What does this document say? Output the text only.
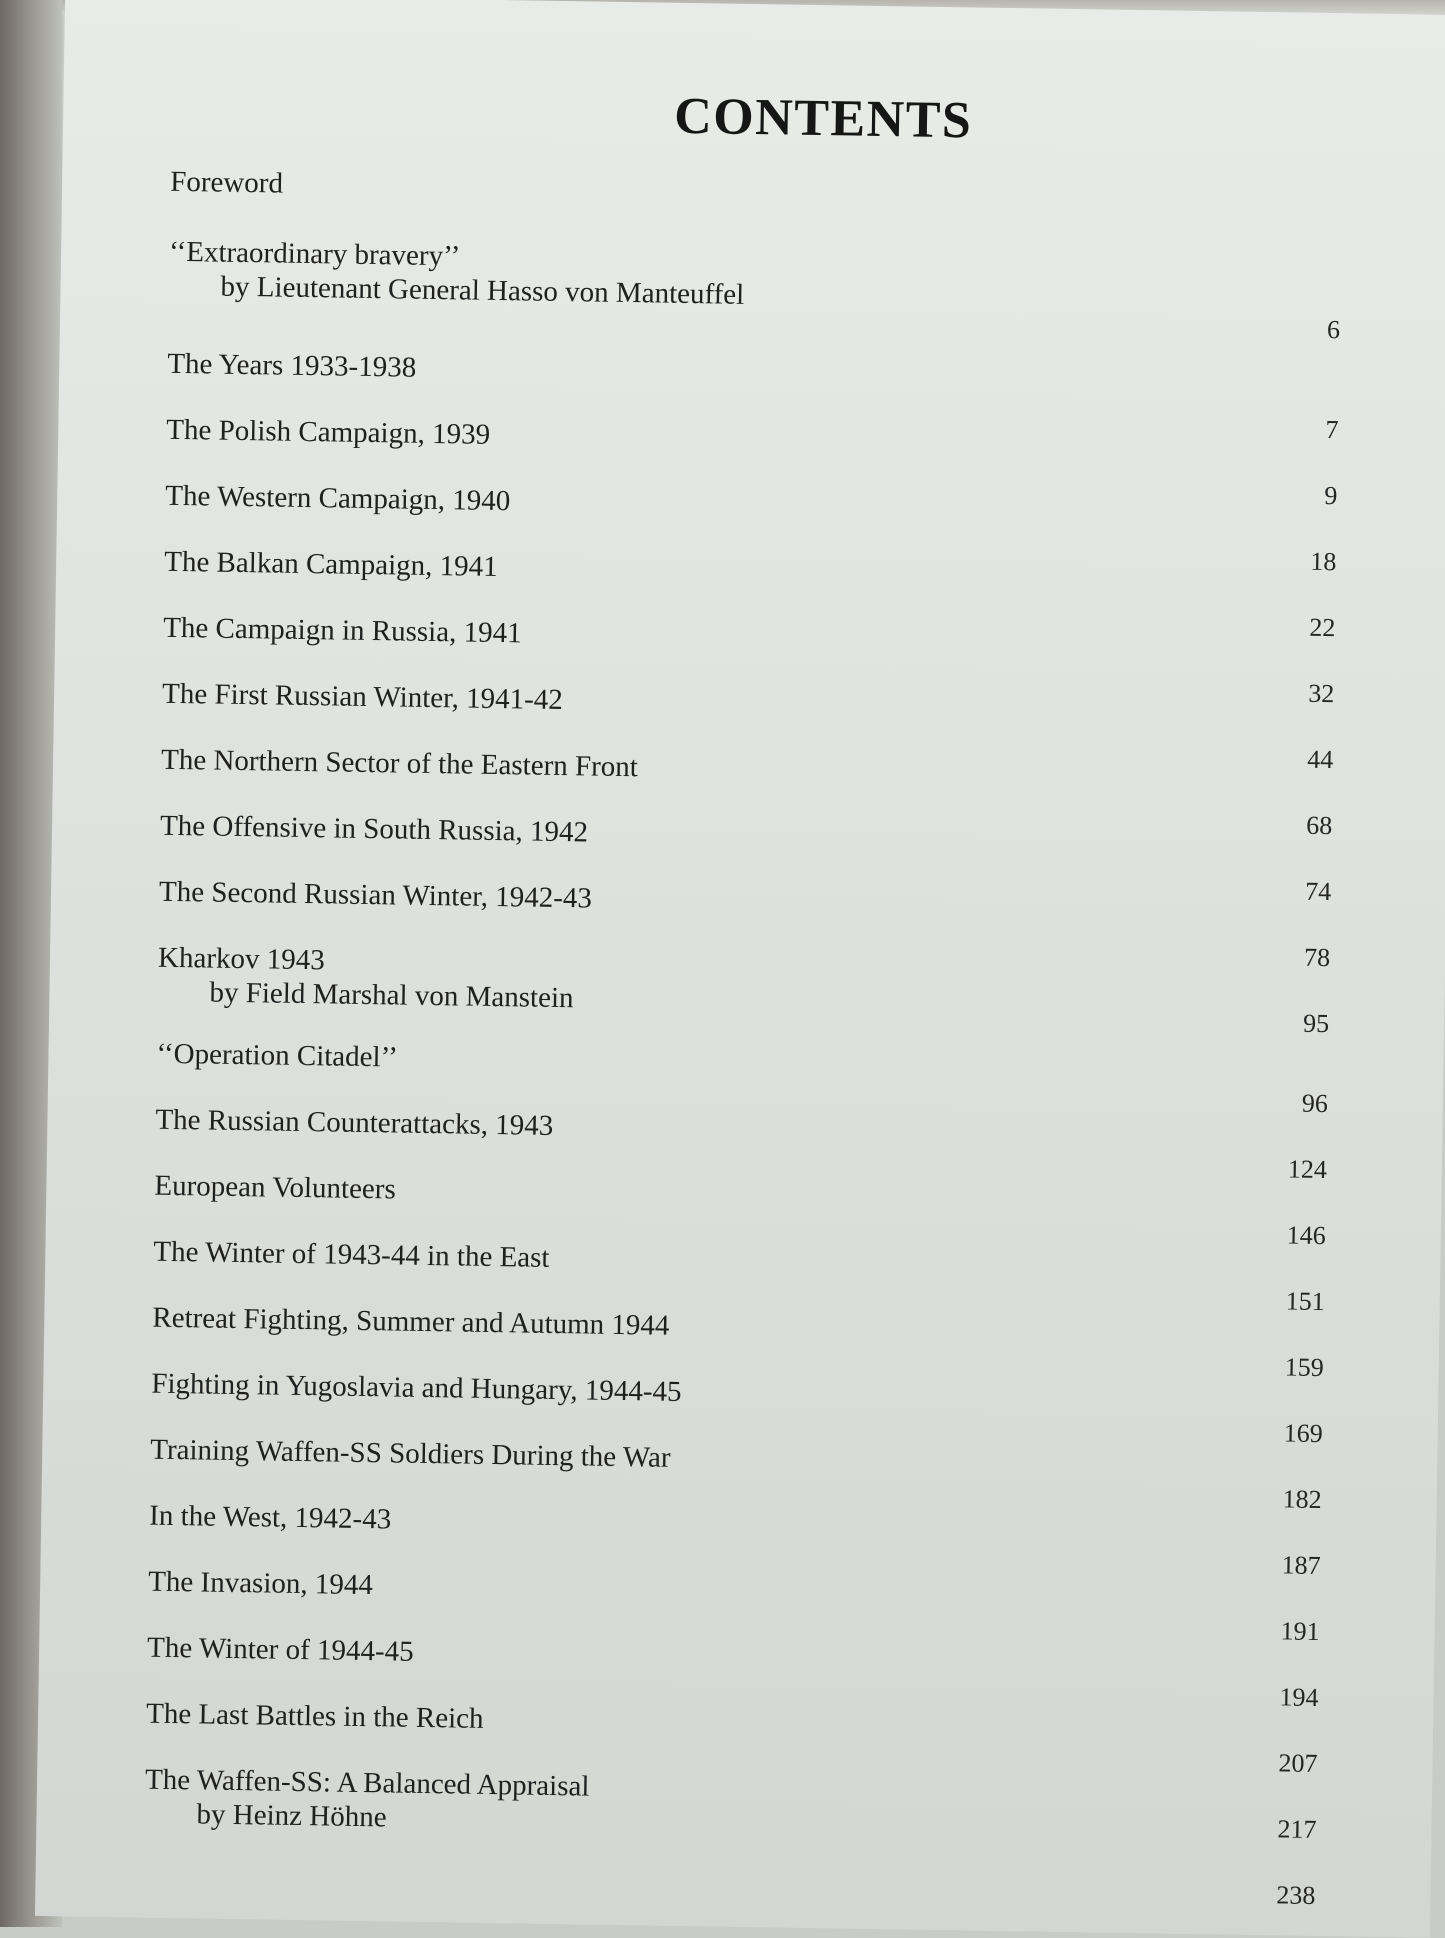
CONTENTS
Foreword
‘‘Extraordinary bravery’’
by Lieutenant General Hasso von Manteuffel
6
The Years 1933-1938
7
The Polish Campaign, 1939
9
The Western Campaign, 1940
18
The Balkan Campaign, 1941
22
The Campaign in Russia, 1941
32
The First Russian Winter, 1941-42
44
The Northern Sector of the Eastern Front
68
The Offensive in South Russia, 1942
74
The Second Russian Winter, 1942-43
78
Kharkov 1943
by Field Marshal von Manstein
95
‘‘Operation Citadel’’
96
The Russian Counterattacks, 1943
124
European Volunteers
146
The Winter of 1943-44 in the East
151
Retreat Fighting, Summer and Autumn 1944
159
Fighting in Yugoslavia and Hungary, 1944-45
169
Training Waffen-SS Soldiers During the War
182
In the West, 1942-43
187
The Invasion, 1944
191
The Winter of 1944-45
194
The Last Battles in the Reich
207
The Waffen-SS: A Balanced Appraisal
by Heinz Höhne	217
238
